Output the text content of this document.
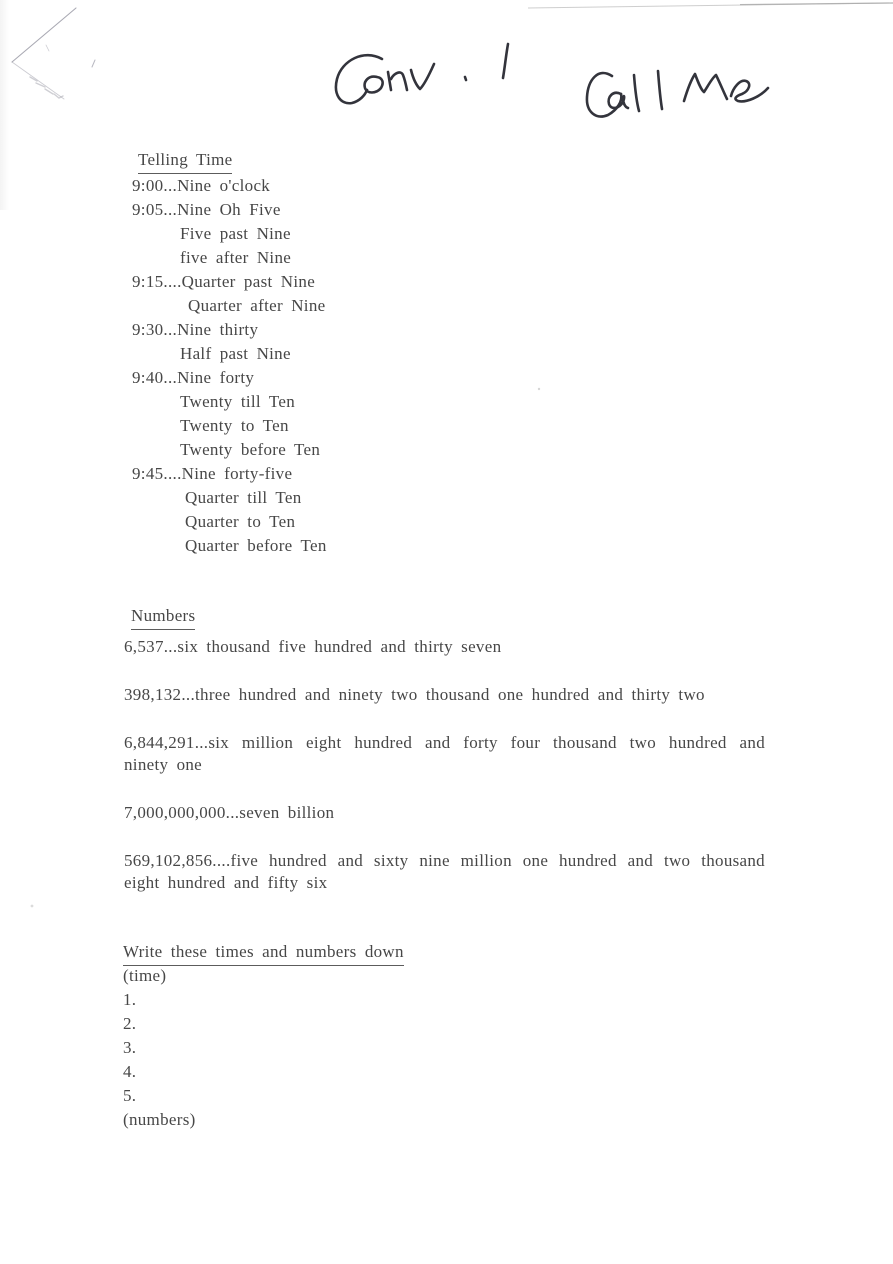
Telling Time
9:00...Nine o'clock
9:05...Nine Oh Five
Five past Nine
five after Nine
9:15....Quarter past Nine
Quarter after Nine
9:30...Nine thirty
Half past Nine
9:40...Nine forty
Twenty till Ten
Twenty to Ten
Twenty before Ten
9:45....Nine forty-five
Quarter till Ten
Quarter to Ten
Quarter before Ten
Numbers
6,537...six thousand five hundred and thirty seven
398,132...three hundred and ninety two thousand one hundred and thirty two
6,844,291...six million eight hundred and forty four thousand two hundred and
ninety one
7,000,000,000...seven billion
569,102,856....five hundred and sixty nine million one hundred and two thousand
eight hundred and fifty six
Write these times and numbers down
(time)
1.
2.
3.
4.
5.
(numbers)
